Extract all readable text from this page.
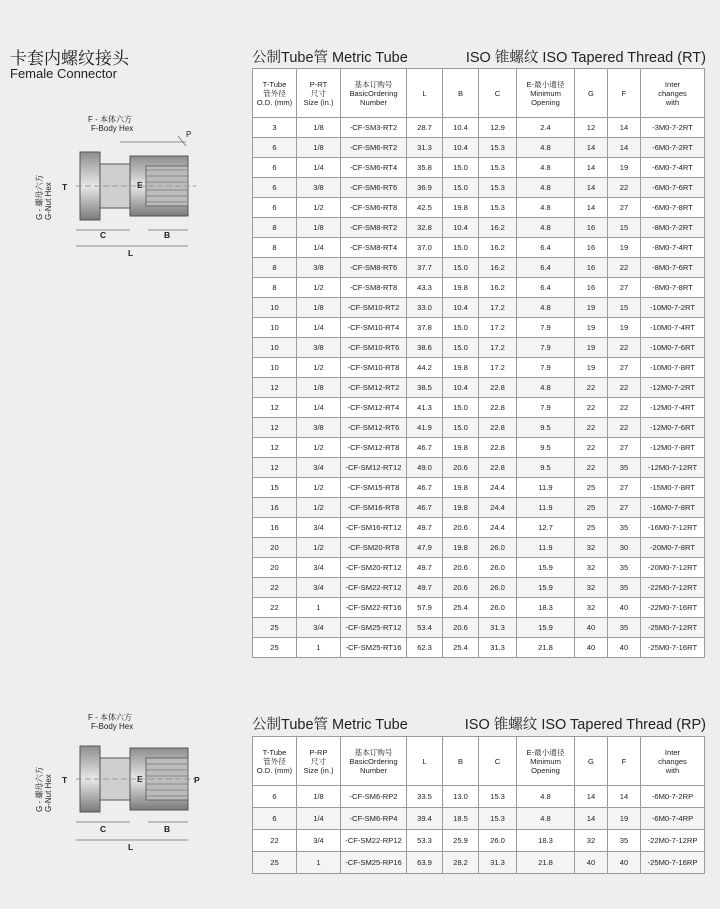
卡套内螺纹接头
Female Connector
F - 本体六方
F-Body Hex
P
G - 螺母六方 G-Nut Hex T	E
C	B
L
公制Tube管 Metric Tube	ISO 锥螺纹 ISO Tapered Thread (RT)
T-Tube
管外径
O.D. (mm)	P-RT
尺寸
Size (in.)	基本订购号
BasicOrdering
Number	L	B	C	E-最小通径
Minimum
Opening	G	F	Inter
changes
with

3	1/8	-CF-SM3-RT2	28.7	10.4	12.9	2.4	12	14	-3M0-7-2RT
6	1/8	-CF-SM6-RT2	31.3	10.4	15.3	4.8	14	14	-6M0-7-2RT
6	1/4	-CF-SM6-RT4	35.8	15.0	15.3	4.8	14	19	-6M0-7-4RT
6	3/8	-CF-SM6-RT6	36.9	15.0	15.3	4.8	14	22	-6M0-7-6RT
6	1/2	-CF-SM6-RT8	42.5	19.8	15.3	4.8	14	27	-6M0-7-8RT
8	1/8	-CF-SM8-RT2	32.8	10.4	16.2	4.8	16	15	-8M0-7-2RT
8	1/4	-CF-SM8-RT4	37.0	15.0	16.2	6.4	16	19	-8M0-7-4RT
8	3/8	-CF-SM8-RT6	37.7	15.0	16.2	6.4	16	22	-8M0-7-6RT
8	1/2	-CF-SM8-RT8	43.3	19.8	16.2	6.4	16	27	-8M0-7-8RT
10	1/8	-CF-SM10-RT2	33.0	10.4	17.2	4.8	19	15	-10M0-7-2RT
10	1/4	-CF-SM10-RT4	37.8	15.0	17.2	7.9	19	19	-10M0-7-4RT
10	3/8	-CF-SM10-RT6	38.6	15.0	17.2	7.9	19	22	-10M0-7-6RT
10	1/2	-CF-SM10-RT8	44.2	19.8	17.2	7.9	19	27	-10M0-7-8RT
12	1/8	-CF-SM12-RT2	38.5	10.4	22.8	4.8	22	22	-12M0-7-2RT
12	1/4	-CF-SM12-RT4	41.3	15.0	22.8	7.9	22	22	-12M0-7-4RT
12	3/8	-CF-SM12-RT6	41.9	15.0	22.8	9.5	22	22	-12M0-7-6RT
12	1/2	-CF-SM12-RT8	46.7	19.8	22.8	9.5	22	27	-12M0-7-8RT
12	3/4	-CF-SM12-RT12	49.0	20.6	22.8	9.5	22	35	-12M0-7-12RT
15	1/2	-CF-SM15-RT8	46.7	19.8	24.4	11.9	25	27	-15M0-7-8RT
16	1/2	-CF-SM16-RT8	46.7	19.8	24.4	11.9	25	27	-16M0-7-8RT
16	3/4	-CF-SM16-RT12	49.7	20.6	24.4	12.7	25	35	-16M0-7-12RT
20	1/2	-CF-SM20-RT8	47.9	19.8	26.0	11.9	32	30	-20M0-7-8RT
20	3/4	-CF-SM20-RT12	49.7	20.6	26.0	15.9	32	35	-20M0-7-12RT
22	3/4	-CF-SM22-RT12	49.7	20.6	26.0	15.9	32	35	-22M0-7-12RT
22	1	-CF-SM22-RT16	57.9	25.4	26.0	18.3	32	40	-22M0-7-16RT
25	3/4	-CF-SM25-RT12	53.4	20.6	31.3	15.9	40	35	-25M0-7-12RT
25	1	-CF-SM25-RT16	62.3	25.4	31.3	21.8	40	40	-25M0-7-16RT
F - 本体六方
F-Body Hex
G - 螺母六方 G-Nut Hex T	E	P
C	B
L
公制Tube管 Metric Tube	ISO 锥螺纹 ISO Tapered Thread (RP)
T-Tube
管外径
O.D. (mm)	P-RP
尺寸
Size (in.)	基本订购号
BasicOrdering
Number	L	B	C	E-最小通径
Minimum
Opening	G	F	Inter
changes
with

6	1/8	-CF-SM6-RP2	33.5	13.0	15.3	4.8	14	14	-6M0-7-2RP
6	1/4	-CF-SM6-RP4	39.4	18.5	15.3	4.8	14	19	-6M0-7-4RP
22	3/4	-CF-SM22-RP12	53.3	25.9	26.0	18.3	32	35	-22M0-7-12RP
25	1	-CF-SM25-RP16	63.9	28.2	31.3	21.8	40	40	-25M0-7-16RP
